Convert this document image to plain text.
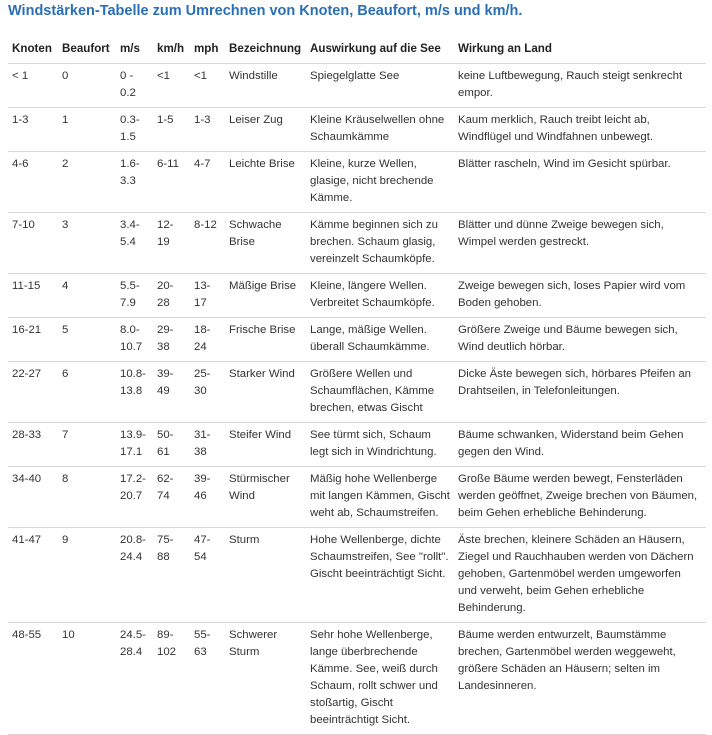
Windstärken-Tabelle zum Umrechnen von Knoten, Beaufort, m/s und km/h.
Knoten	Beaufort	m/s	km/h	mph	Bezeichnung	Auswirkung auf die See	Wirkung an Land
< 1	0	0 - 0.2	<1	<1	Windstille	Spiegelglatte See	keine Luftbewegung, Rauch steigt senkrecht empor.
1-3	1	0.3- 1.5	1-5	1-3	Leiser Zug	Kleine Kräuselwellen ohne Schaumkämme	Kaum merklich, Rauch treibt leicht ab, Windflügel und Windfahnen unbewegt.
4-6	2	1.6- 3.3	6-11	4-7	Leichte Brise	Kleine, kurze Wellen, glasige, nicht brechende Kämme.	Blätter rascheln, Wind im Gesicht spürbar.
7-10	3	3.4- 5.4	12-19	8-12	Schwache Brise	Kämme beginnen sich zu brechen. Schaum glasig, vereinzelt Schaumköpfe.	Blätter und dünne Zweige bewegen sich, Wimpel werden gestreckt.
11-15	4	5.5- 7.9	20-28	13- 17	Mäßige Brise	Kleine, längere Wellen. Verbreitet Schaumköpfe.	Zweige bewegen sich, loses Papier wird vom Boden gehoben.
16-21	5	8.0- 10.7	29-38	18- 24	Frische Brise	Lange, mäßige Wellen. überall Schaumkämme.	Größere Zweige und Bäume bewegen sich, Wind deutlich hörbar.
22-27	6	10.8- 13.8	39-49	25- 30	Starker Wind	Größere Wellen und Schaumflächen, Kämme brechen, etwas Gischt	Dicke Äste bewegen sich, hörbares Pfeifen an Drahtseilen, in Telefonleitungen.
28-33	7	13.9- 17.1	50-61	31- 38	Steifer Wind	See türmt sich, Schaum legt sich in Windrichtung.	Bäume schwanken, Widerstand beim Gehen gegen den Wind.
34-40	8	17.2- 20.7	62-74	39- 46	Stürmischer Wind	Mäßig hohe Wellenberge mit langen Kämmen, Gischt weht ab, Schaumstreifen.	Große Bäume werden bewegt, Fensterläden werden geöffnet, Zweige brechen von Bäumen, beim Gehen erhebliche Behinderung.
41-47	9	20.8- 24.4	75-88	47- 54	Sturm	Hohe Wellenberge, dichte Schaumstreifen, See "rollt". Gischt beeinträchtigt Sicht.	Äste brechen, kleinere Schäden an Häusern, Ziegel und Rauchhauben werden von Dächern gehoben, Gartenmöbel werden umgeworfen und verweht, beim Gehen erhebliche Behinderung.
48-55	10	24.5- 28.4	89- 102	55- 63	Schwerer Sturm	Sehr hohe Wellenberge, lange überbrechende Kämme. See, weiß durch Schaum, rollt schwer und stoßartig, Gischt beeinträchtigt Sicht.	Bäume werden entwurzelt, Baumstämme brechen, Gartenmöbel werden weggeweht, größere Schäden an Häusern; selten im Landesinneren.
